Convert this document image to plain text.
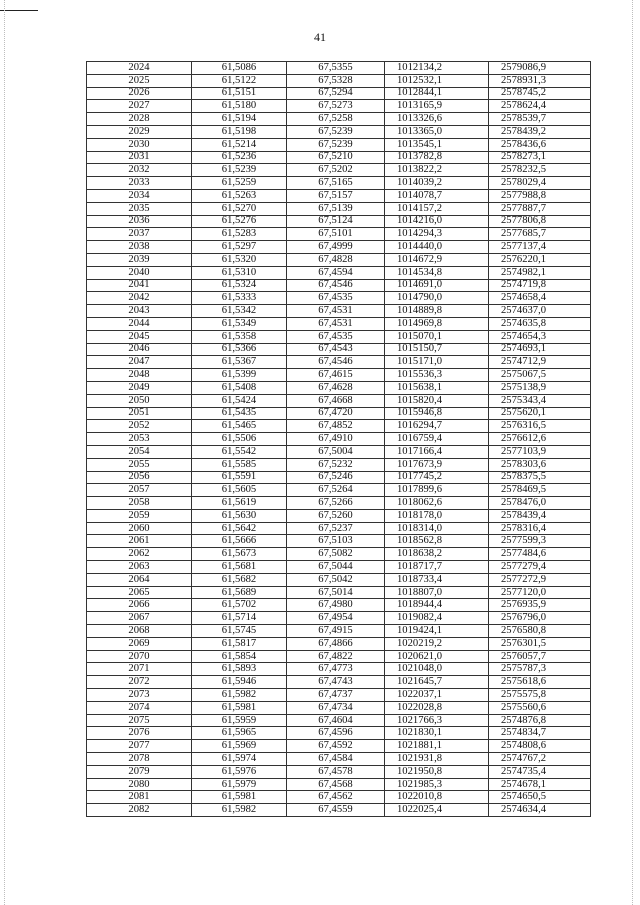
41
2024	61,5086	67,5355	1012134,2	2579086,9
2025	61,5122	67,5328	1012532,1	2578931,3
2026	61,5151	67,5294	1012844,1	2578745,2
2027	61,5180	67,5273	1013165,9	2578624,4
2028	61,5194	67,5258	1013326,6	2578539,7
2029	61,5198	67,5239	1013365,0	2578439,2
2030	61,5214	67,5239	1013545,1	2578436,6
2031	61,5236	67,5210	1013782,8	2578273,1
2032	61,5239	67,5202	1013822,2	2578232,5
2033	61,5259	67,5165	1014039,2	2578029,4
2034	61,5263	67,5157	1014078,7	2577988,8
2035	61,5270	67,5139	1014157,2	2577887,7
2036	61,5276	67,5124	1014216,0	2577806,8
2037	61,5283	67,5101	1014294,3	2577685,7
2038	61,5297	67,4999	1014440,0	2577137,4
2039	61,5320	67,4828	1014672,9	2576220,1
2040	61,5310	67,4594	1014534,8	2574982,1
2041	61,5324	67,4546	1014691,0	2574719,8
2042	61,5333	67,4535	1014790,0	2574658,4
2043	61,5342	67,4531	1014889,8	2574637,0
2044	61,5349	67,4531	1014969,8	2574635,8
2045	61,5358	67,4535	1015070,1	2574654,3
2046	61,5366	67,4543	1015150,7	2574693,1
2047	61,5367	67,4546	1015171,0	2574712,9
2048	61,5399	67,4615	1015536,3	2575067,5
2049	61,5408	67,4628	1015638,1	2575138,9
2050	61,5424	67,4668	1015820,4	2575343,4
2051	61,5435	67,4720	1015946,8	2575620,1
2052	61,5465	67,4852	1016294,7	2576316,5
2053	61,5506	67,4910	1016759,4	2576612,6
2054	61,5542	67,5004	1017166,4	2577103,9
2055	61,5585	67,5232	1017673,9	2578303,6
2056	61,5591	67,5246	1017745,2	2578375,5
2057	61,5605	67,5264	1017899,6	2578469,5
2058	61,5619	67,5266	1018062,6	2578476,0
2059	61,5630	67,5260	1018178,0	2578439,4
2060	61,5642	67,5237	1018314,0	2578316,4
2061	61,5666	67,5103	1018562,8	2577599,3
2062	61,5673	67,5082	1018638,2	2577484,6
2063	61,5681	67,5044	1018717,7	2577279,4
2064	61,5682	67,5042	1018733,4	2577272,9
2065	61,5689	67,5014	1018807,0	2577120,0
2066	61,5702	67,4980	1018944,4	2576935,9
2067	61,5714	67,4954	1019082,4	2576796,0
2068	61,5745	67,4915	1019424,1	2576580,8
2069	61,5817	67,4866	1020219,2	2576301,5
2070	61,5854	67,4822	1020621,0	2576057,7
2071	61,5893	67,4773	1021048,0	2575787,3
2072	61,5946	67,4743	1021645,7	2575618,6
2073	61,5982	67,4737	1022037,1	2575575,8
2074	61,5981	67,4734	1022028,8	2575560,6
2075	61,5959	67,4604	1021766,3	2574876,8
2076	61,5965	67,4596	1021830,1	2574834,7
2077	61,5969	67,4592	1021881,1	2574808,6
2078	61,5974	67,4584	1021931,8	2574767,2
2079	61,5976	67,4578	1021950,8	2574735,4
2080	61,5979	67,4568	1021985,3	2574678,1
2081	61,5981	67,4562	1022010,8	2574650,5
2082	61,5982	67,4559	1022025,4	2574634,4
